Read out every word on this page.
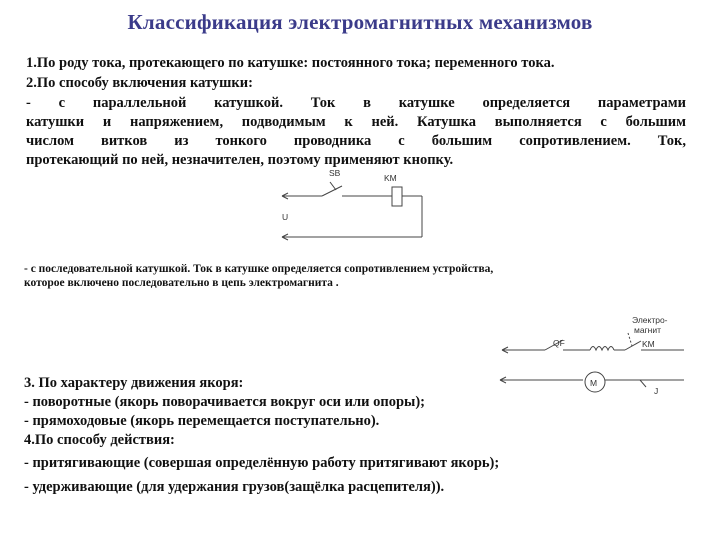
Классификация электромагнитных механизмов
1.По роду тока, протекающего по катушке: постоянного тока; переменного тока.
2.По способу включения катушки:
- с параллельной катушкой. Ток в катушке определяется параметрами
катушки и напряжением, подводимым к ней. Катушка выполняется с большим
числом витков из тонкого проводника с большим сопротивлением. Ток,
протекающий по ней, незначителен, поэтому применяют кнопку.
SB	KM
U
- с последовательной катушкой. Ток в катушке определяется сопротивлением устройства,
которое включено последовательно в цепь электромагнита .
Электро-
магнит
QF	KM
M
J
3. По характеру движения якоря:
- поворотные (якорь поворачивается вокруг оси или опоры);
- прямоходовые (якорь перемещается поступательно).
4.По способу действия:
- притягивающие (совершая определённую работу притягивают якорь);
- удерживающие (для удержания грузов(защёлка расцепителя)).
